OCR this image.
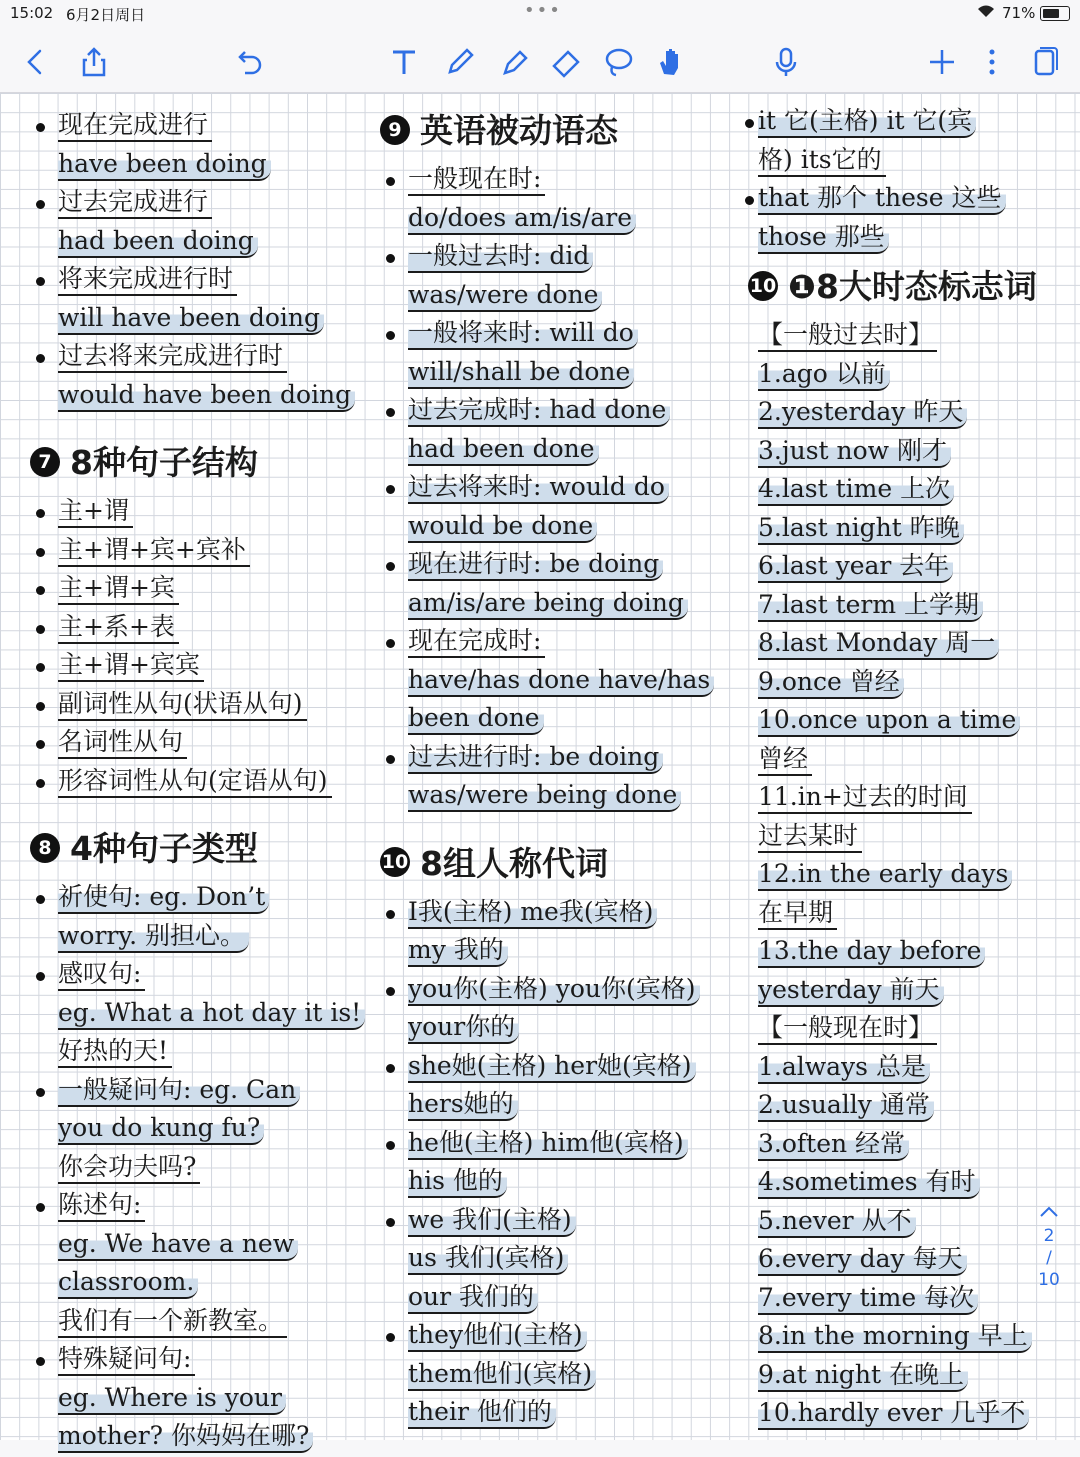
15:02 6月2日周日	•••	71%
现在完成进行
have been doing
过去完成进行
had been doing
将来完成进行时
will have been doing
过去将来完成进行时
would have been doing
7 8种句子结构
主+谓
主+谓+宾+宾补
主+谓+宾
主+系+表
主+谓+宾宾
副词性从句(状语从句)
名词性从句
形容词性从句(定语从句)
8 4种句子类型
祈使句: eg. Don’t
worry. 别担心。
感叹句:
eg. What a hot day it is!
好热的天!
一般疑问句: eg. Can
you do kung fu?
你会功夫吗?
陈述句:
eg. We have a new
classroom.
我们有一个新教室。
特殊疑问句:
eg. Where is your
mother? 你妈妈在哪?
9 英语被动语态
一般现在时:
do/does am/is/are
一般过去时: did
was/were done
一般将来时: will do
will/shall be done
过去完成时: had done
had been done
过去将来时: would do
would be done
现在进行时: be doing
am/is/are being doing
现在完成时:
have/has done have/has
been done
过去进行时: be doing
was/were being done
10 8组人称代词
I我(主格) me我(宾格)
my 我的
you你(主格) you你(宾格)
your你的
she她(主格) her她(宾格)
hers她的
he他(主格) him他(宾格)
his 他的
we 我们(主格)
us 我们(宾格)
our 我们的
they他们(主格)
them他们(宾格)
their 他们的
it 它(主格) it 它(宾
格) its它的
that 那个 these 这些
those 那些
10 ❶8大时态标志词
【一般过去时】
1.ago 以前
2.yesterday 昨天
3.just now 刚才
4.last time 上次
5.last night 昨晚
6.last year 去年
7.last term 上学期
8.last Monday 周一
9.once 曾经
10.once upon a time
曾经
11.in+过去的时间
过去某时
12.in the early days
在早期
13.the day before
yesterday 前天
【一般现在时】
1.always 总是
2.usually 通常
3.often 经常
4.sometimes 有时
5.never 从不
6.every day 每天
7.every time 每次
8.in the morning 早上
9.at night 在晚上
10.hardly ever 几乎不
2
/
10
